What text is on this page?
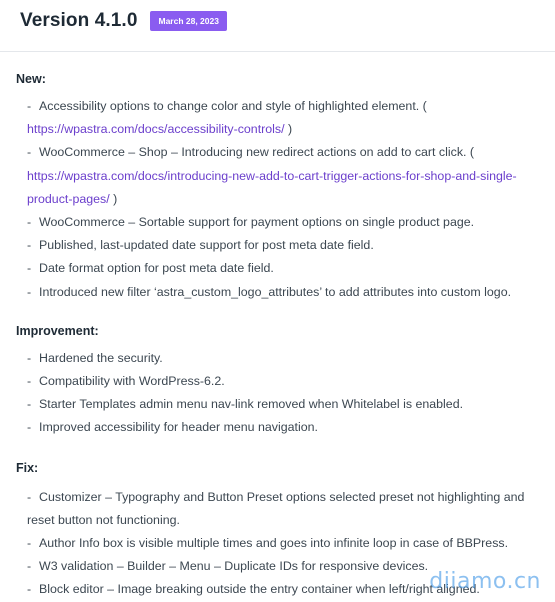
Version 4.1.0	March 28, 2023
New:
- Accessibility options to change color and style of highlighted element. ( https://wpastra.com/docs/accessibility-controls/ )
- WooCommerce – Shop – Introducing new redirect actions on add to cart click. ( https://wpastra.com/docs/introducing-new-add-to-cart-trigger-actions-for-shop-and-single-product-pages/ )
- WooCommerce – Sortable support for payment options on single product page.
- Published, last-updated date support for post meta date field.
- Date format option for post meta date field.
- Introduced new filter ‘astra_custom_logo_attributes’ to add attributes into custom logo.
Improvement:
- Hardened the security.
- Compatibility with WordPress-6.2.
- Starter Templates admin menu nav-link removed when Whitelabel is enabled.
- Improved accessibility for header menu navigation.
Fix:
- Customizer – Typography and Button Preset options selected preset not highlighting and reset button not functioning.
- Author Info box is visible multiple times and goes into infinite loop in case of BBPress.
- W3 validation – Builder – Menu – Duplicate IDs for responsive devices.
- Block editor – Image breaking outside the entry container when left/right aligned.
diiamo.cn
